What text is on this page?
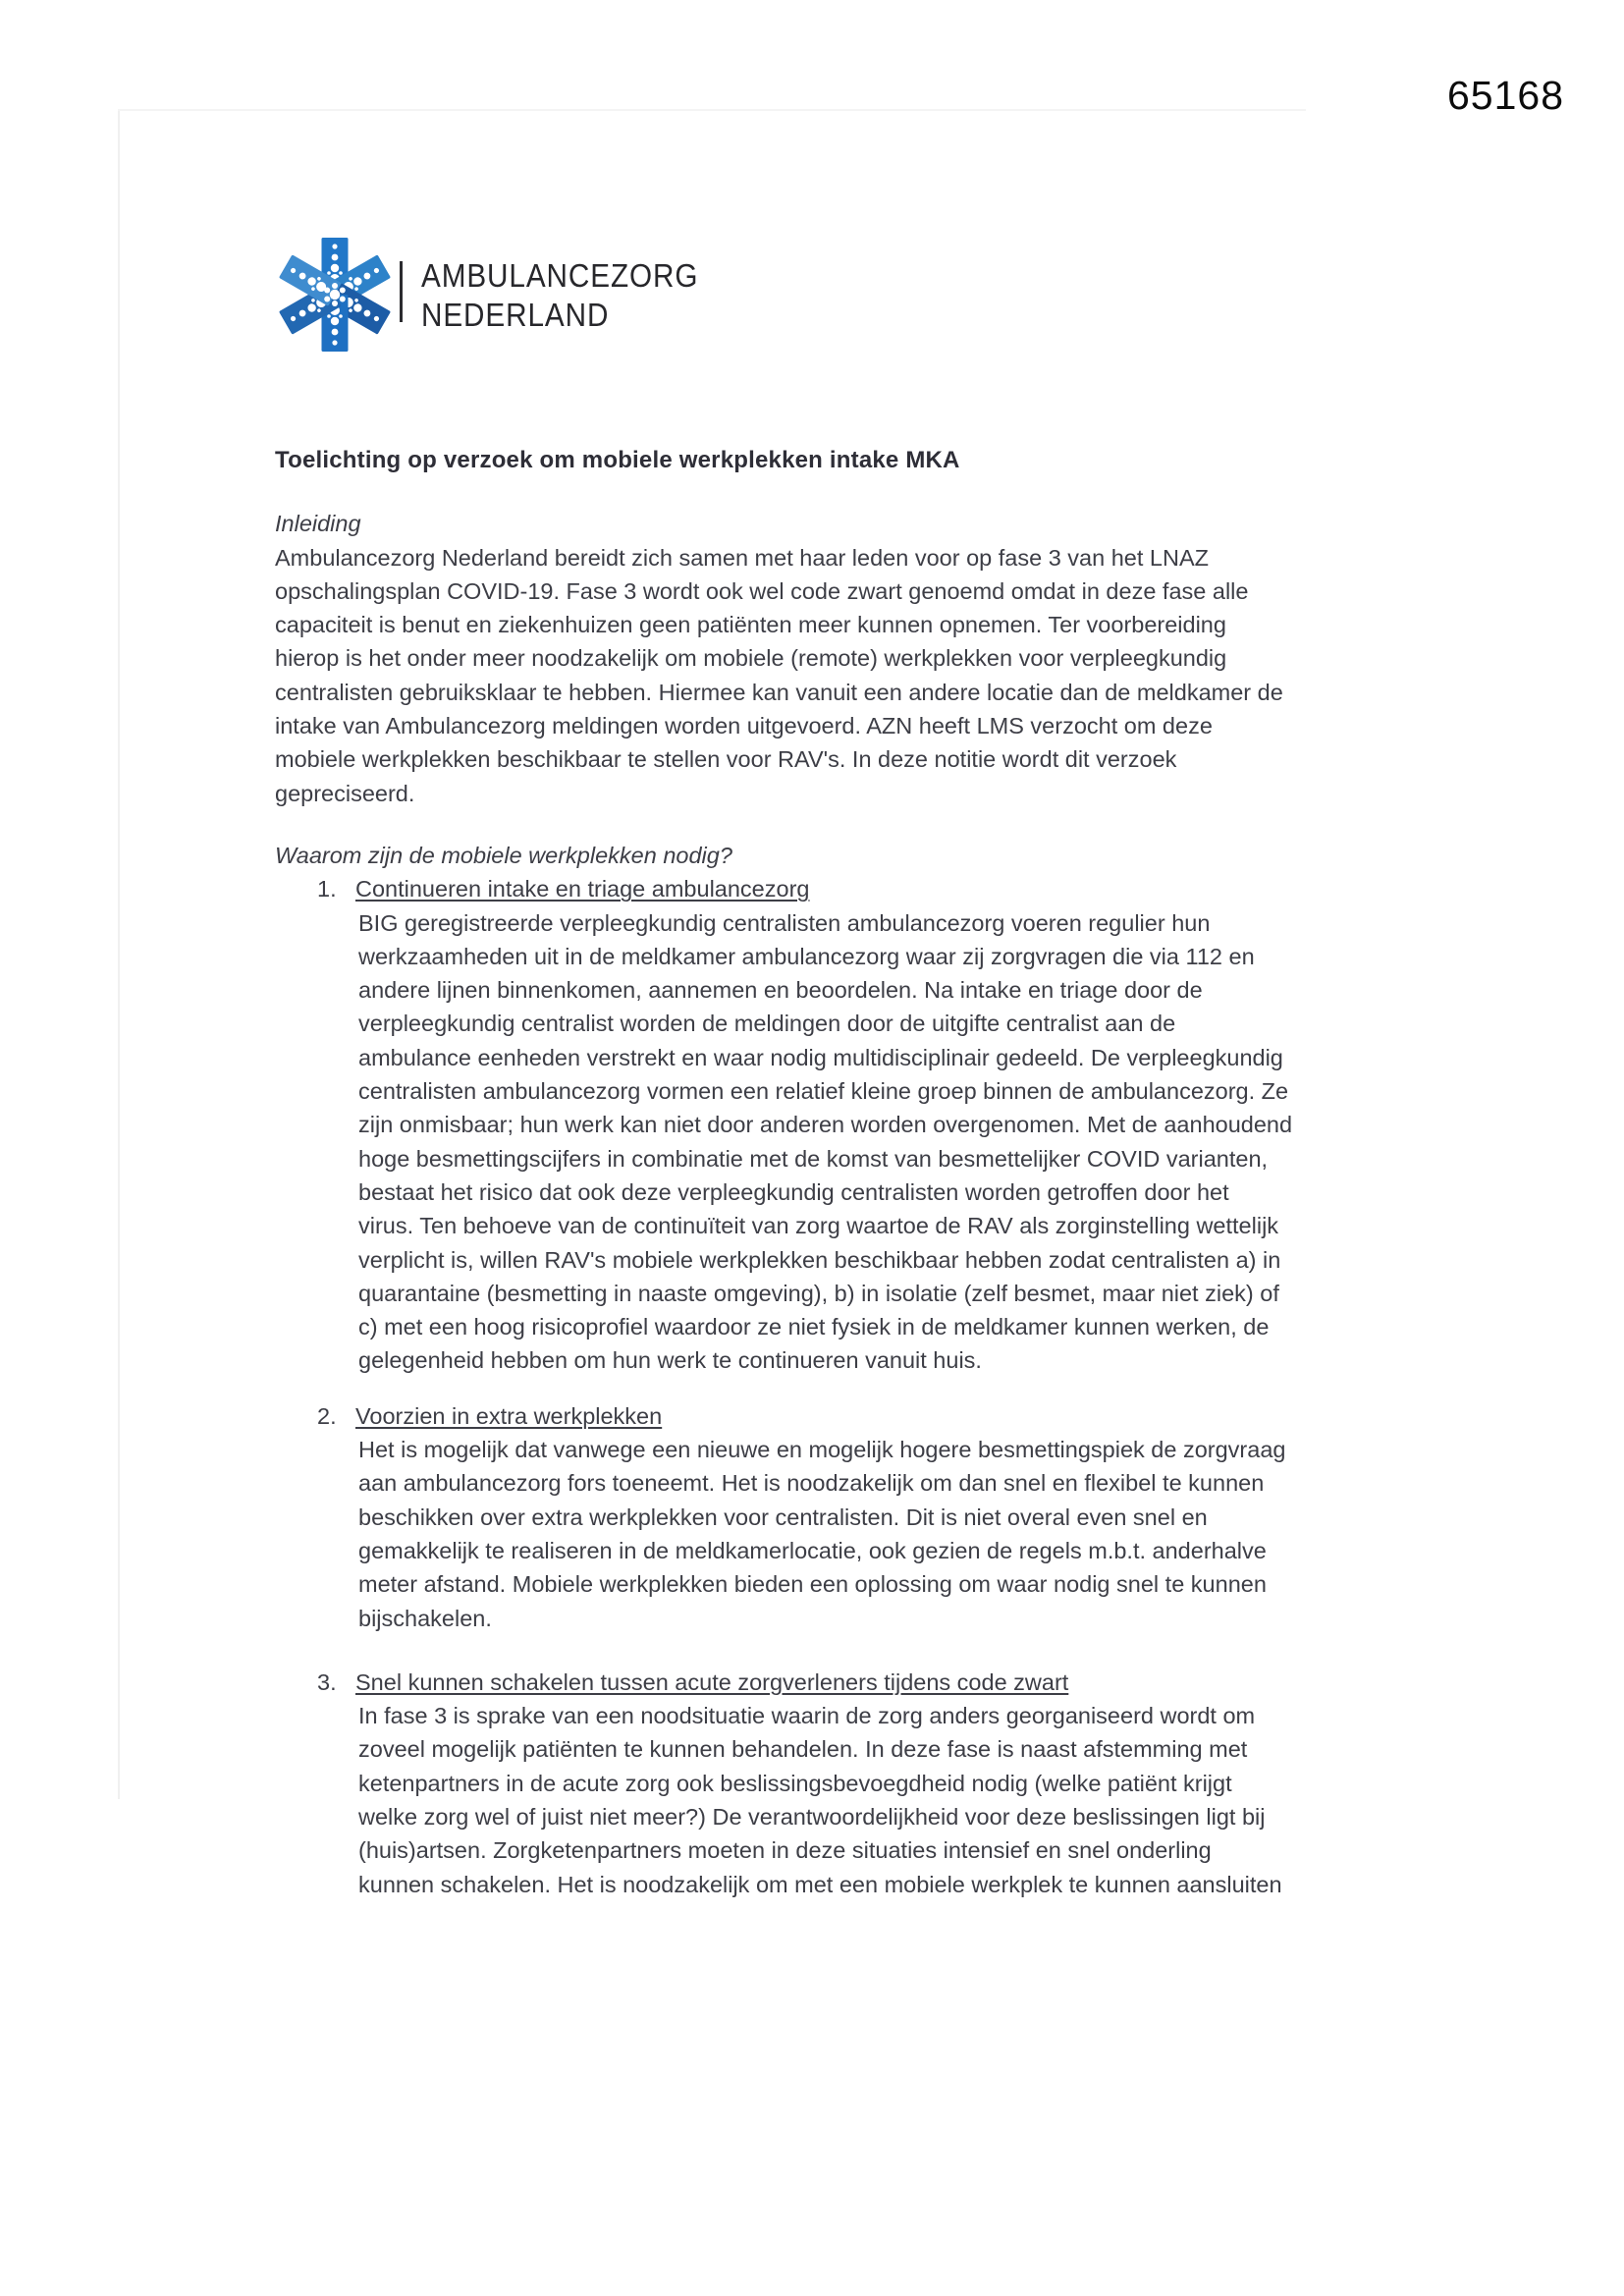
65168
AMBULANCEZORG
NEDERLAND
Toelichting op verzoek om mobiele werkplekken intake MKA
Inleiding
Ambulancezorg Nederland bereidt zich samen met haar leden voor op fase 3 van het LNAZ
opschalingsplan COVID-19. Fase 3 wordt ook wel code zwart genoemd omdat in deze fase alle
capaciteit is benut en ziekenhuizen geen patiënten meer kunnen opnemen. Ter voorbereiding
hierop is het onder meer noodzakelijk om mobiele (remote) werkplekken voor verpleegkundig
centralisten gebruiksklaar te hebben. Hiermee kan vanuit een andere locatie dan de meldkamer de
intake van Ambulancezorg meldingen worden uitgevoerd. AZN heeft LMS verzocht om deze
mobiele werkplekken beschikbaar te stellen voor RAV's. In deze notitie wordt dit verzoek
gepreciseerd.
Waarom zijn de mobiele werkplekken nodig?
1. Continueren intake en triage ambulancezorg
BIG geregistreerde verpleegkundig centralisten ambulancezorg voeren regulier hun
werkzaamheden uit in de meldkamer ambulancezorg waar zij zorgvragen die via 112 en
andere lijnen binnenkomen, aannemen en beoordelen. Na intake en triage door de
verpleegkundig centralist worden de meldingen door de uitgifte centralist aan de
ambulance eenheden verstrekt en waar nodig multidisciplinair gedeeld. De verpleegkundig
centralisten ambulancezorg vormen een relatief kleine groep binnen de ambulancezorg. Ze
zijn onmisbaar; hun werk kan niet door anderen worden overgenomen. Met de aanhoudend
hoge besmettingscijfers in combinatie met de komst van besmettelijker COVID varianten,
bestaat het risico dat ook deze verpleegkundig centralisten worden getroffen door het
virus. Ten behoeve van de continuïteit van zorg waartoe de RAV als zorginstelling wettelijk
verplicht is, willen RAV's mobiele werkplekken beschikbaar hebben zodat centralisten a) in
quarantaine (besmetting in naaste omgeving), b) in isolatie (zelf besmet, maar niet ziek) of
c) met een hoog risicoprofiel waardoor ze niet fysiek in de meldkamer kunnen werken, de
gelegenheid hebben om hun werk te continueren vanuit huis.
2. Voorzien in extra werkplekken
Het is mogelijk dat vanwege een nieuwe en mogelijk hogere besmettingspiek de zorgvraag
aan ambulancezorg fors toeneemt. Het is noodzakelijk om dan snel en flexibel te kunnen
beschikken over extra werkplekken voor centralisten. Dit is niet overal even snel en
gemakkelijk te realiseren in de meldkamerlocatie, ook gezien de regels m.b.t. anderhalve
meter afstand. Mobiele werkplekken bieden een oplossing om waar nodig snel te kunnen
bijschakelen.
3. Snel kunnen schakelen tussen acute zorgverleners tijdens code zwart
In fase 3 is sprake van een noodsituatie waarin de zorg anders georganiseerd wordt om
zoveel mogelijk patiënten te kunnen behandelen. In deze fase is naast afstemming met
ketenpartners in de acute zorg ook beslissingsbevoegdheid nodig (welke patiënt krijgt
welke zorg wel of juist niet meer?) De verantwoordelijkheid voor deze beslissingen ligt bij
(huis)artsen. Zorgketenpartners moeten in deze situaties intensief en snel onderling
kunnen schakelen. Het is noodzakelijk om met een mobiele werkplek te kunnen aansluiten
